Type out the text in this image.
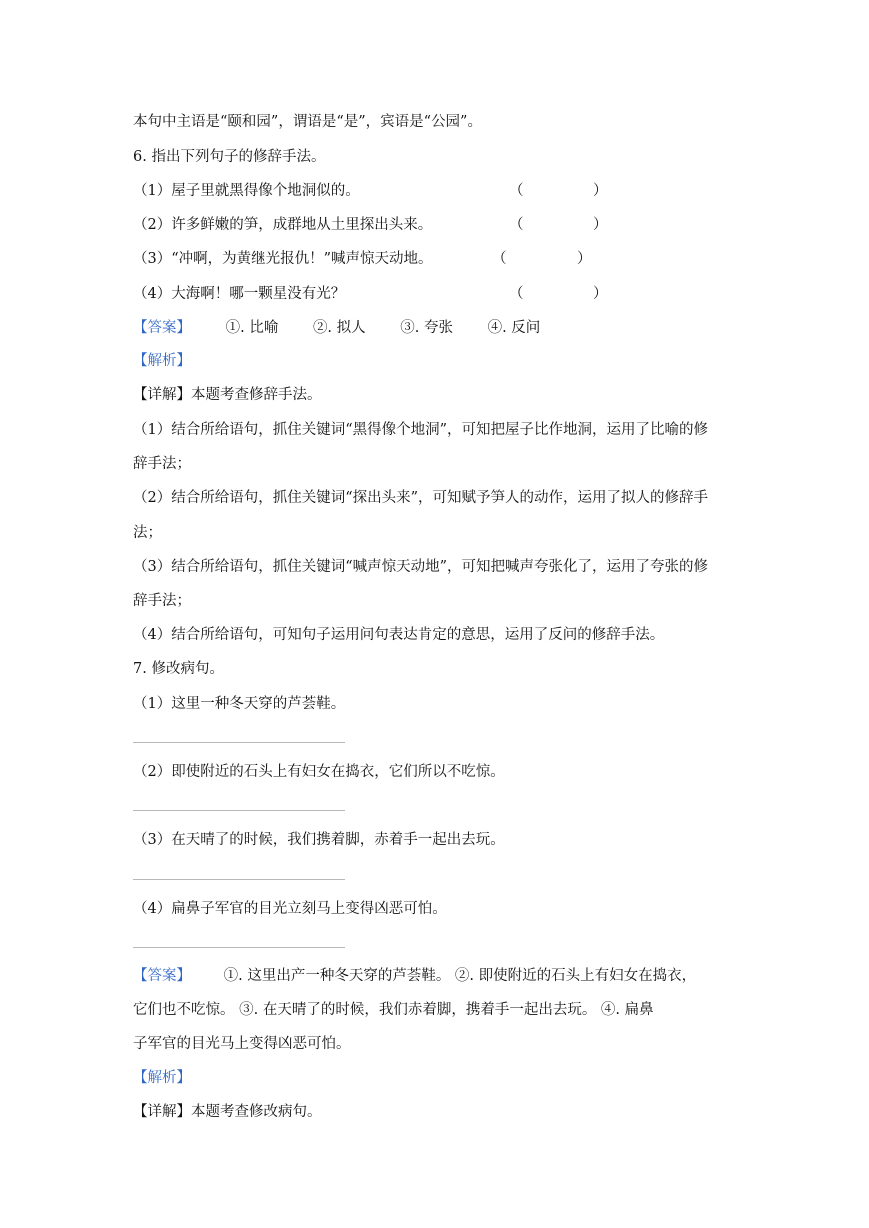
本句中主语是“颐和园”，谓语是“是”，宾语是“公园”。
6. 指出下列句子的修辞手法。
（1）屋子里就黑得像个地洞似的。	（	）
（2）许多鲜嫩的笋，成群地从土里探出头来。	（	）
（3）“冲啊，为黄继光报仇！”喊声惊天动地。	（	）
（4）大海啊！哪一颗星没有光？	（	）
【答案】 ①. 比喻 ②. 拟人 ③. 夸张 ④. 反问
【解析】
【详解】本题考查修辞手法。
（1）结合所给语句，抓住关键词“黑得像个地洞”，可知把屋子比作地洞，运用了比喻的修
辞手法；
（2）结合所给语句，抓住关键词“探出头来”，可知赋予笋人的动作，运用了拟人的修辞手
法；
（3）结合所给语句，抓住关键词“喊声惊天动地”，可知把喊声夸张化了，运用了夸张的修
辞手法；
（4）结合所给语句，可知句子运用问句表达肯定的意思，运用了反问的修辞手法。
7. 修改病句。
（1）这里一种冬天穿的芦荟鞋。
（2）即使附近的石头上有妇女在捣衣，它们所以不吃惊。
（3）在天晴了的时候，我们携着脚，赤着手一起出去玩。
（4）扁鼻子军官的目光立刻马上变得凶恶可怕。
【答案】 ①. 这里出产一种冬天穿的芦荟鞋。 ②. 即使附近的石头上有妇女在捣衣，
它们也不吃惊。 ③. 在天晴了的时候，我们赤着脚，携着手一起出去玩。 ④. 扁鼻
子军官的目光马上变得凶恶可怕。
【解析】
【详解】本题考查修改病句。
